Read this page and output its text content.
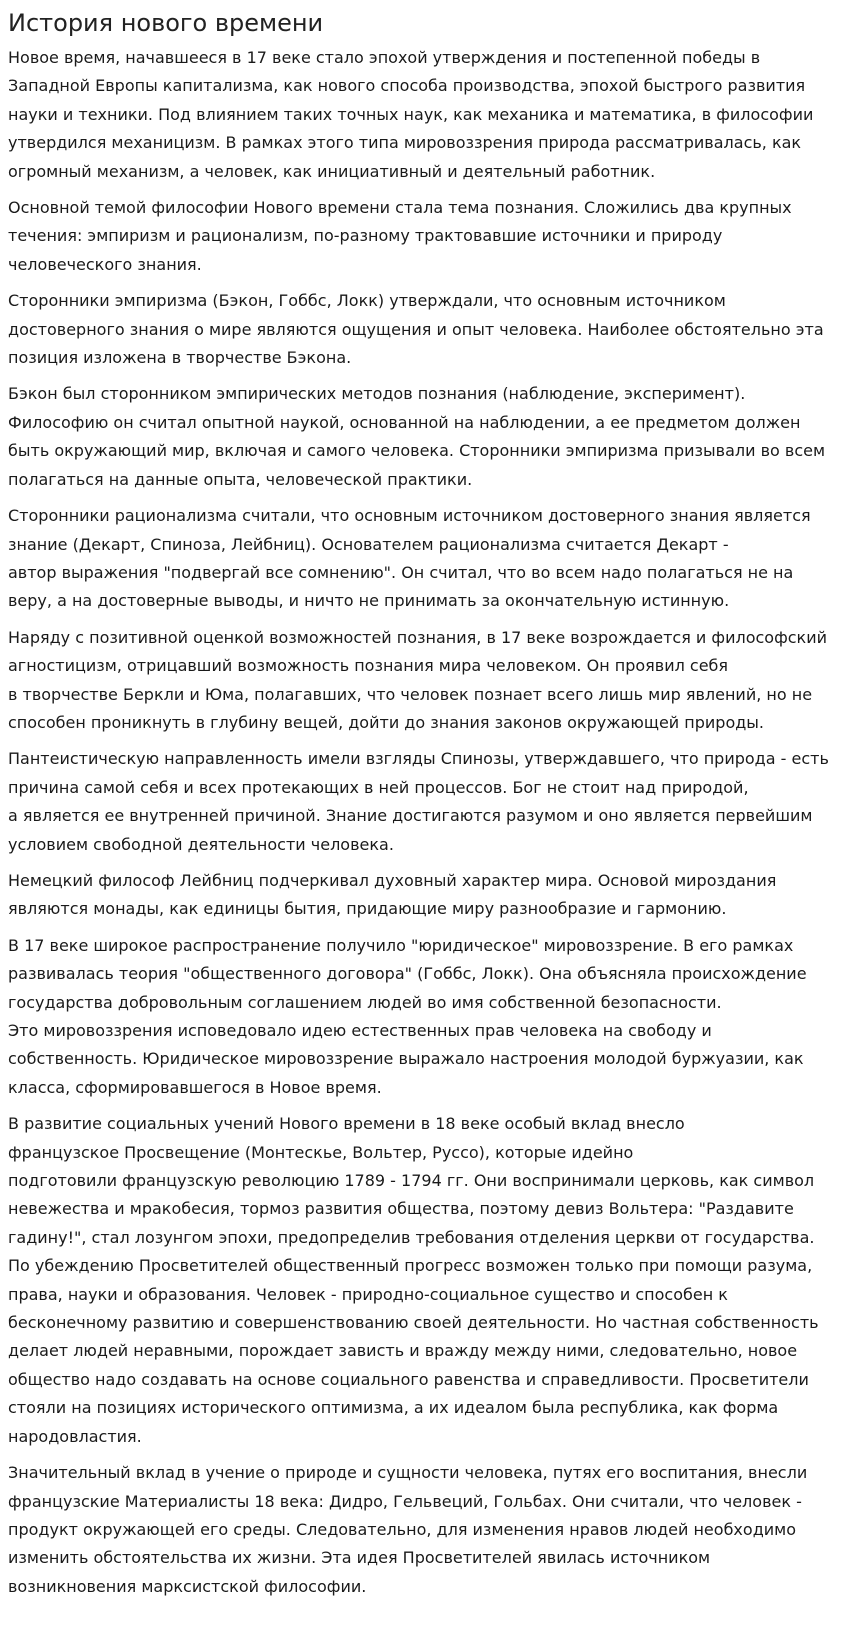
История нового времени

Новое время, начавшееся в 17 веке стало эпохой утверждения и постепенной победы в Западной Европы капитализма, как нового способа производства, эпохой быстрого развития науки и техники. Под влиянием таких точных наук, как механика и математика, в философии утвердился механицизм. В рамках этого типа мировоззрения природа рассматривалась, как огромный механизм, а человек, как инициативный и деятельный работник.

Основной темой философии Нового времени стала тема познания. Сложились два крупных течения: эмпиризм и рационализм, по-разному трактовавшие источники и природу человеческого знания.

Сторонники эмпиризма (Бэкон, Гоббс, Локк) утверждали, что основным источником достоверного знания о мире являются ощущения и опыт человека. Наиболее обстоятельно эта позиция изложена в творчестве Бэкона.

Бэкон был сторонником эмпирических методов познания (наблюдение, эксперимент). Философию он считал опытной наукой, основанной на наблюдении, а ее предметом должен быть окружающий мир, включая и самого человека. Сторонники эмпиризма призывали во всем полагаться на данные опыта, человеческой практики.

Сторонники рационализма считали, что основным источником достоверного знания является знание (Декарт, Спиноза, Лейбниц). Основателем рационализма считается Декарт -
автор выражения "подвергай все сомнению". Он считал, что во всем надо полагаться не на веру, а на достоверные выводы, и ничто не принимать за окончательную истинную.

Наряду с позитивной оценкой возможностей познания, в 17 веке возрождается и философский агностицизм, отрицавший возможность познания мира человеком. Он проявил себя
в творчестве Беркли и Юма, полагавших, что человек познает всего лишь мир явлений, но не способен проникнуть в глубину вещей, дойти до знания законов окружающей природы.

Пантеистическую направленность имели взгляды Спинозы, утверждавшего, что природа - есть причина самой себя и всех протекающих в ней процессов. Бог не стоит над природой,
а является ее внутренней причиной. Знание достигаются разумом и оно является первейшим условием свободной деятельности человека.

Немецкий философ Лейбниц подчеркивал духовный характер мира. Основой мироздания являются монады, как единицы бытия, придающие миру разнообразие и гармонию.

В 17 веке широкое распространение получило "юридическое" мировоззрение. В его рамках развивалась теория "общественного договора" (Гоббс, Локк). Она объясняла происхождение государства добровольным соглашением людей во имя собственной безопасности.
Это мировоззрения исповедовало идею естественных прав человека на свободу и собственность. Юридическое мировоззрение выражало настроения молодой буржуазии, как класса, сформировавшегося в Новое время.

В развитие социальных учений Нового времени в 18 веке особый вклад внесло
французское Просвещение (Монтескье, Вольтер, Руссо), которые идейно
подготовили французскую революцию 1789 - 1794 гг. Они воспринимали церковь, как символ невежества и мракобесия, тормоз развития общества, поэтому девиз Вольтера: "Раздавите гадину!", стал лозунгом эпохи, предопределив требования отделения церкви от государства. По убеждению Просветителей общественный прогресс возможен только при помощи разума, права, науки и образования. Человек - природно-социальное существо и способен к бесконечному развитию и совершенствованию своей деятельности. Но частная собственность делает людей неравными, порождает зависть и вражду между ними, следовательно, новое общество надо создавать на основе социального равенства и справедливости. Просветители стояли на позициях исторического оптимизма, а их идеалом была республика, как форма народовластия.

Значительный вклад в учение о природе и сущности человека, путях его воспитания, внесли французские Материалисты 18 века: Дидро, Гельвеций, Гольбах. Они считали, что человек - продукт окружающей его среды. Следовательно, для изменения нравов людей необходимо изменить обстоятельства их жизни. Эта идея Просветителей явилась источником возникновения марксистской философии.
